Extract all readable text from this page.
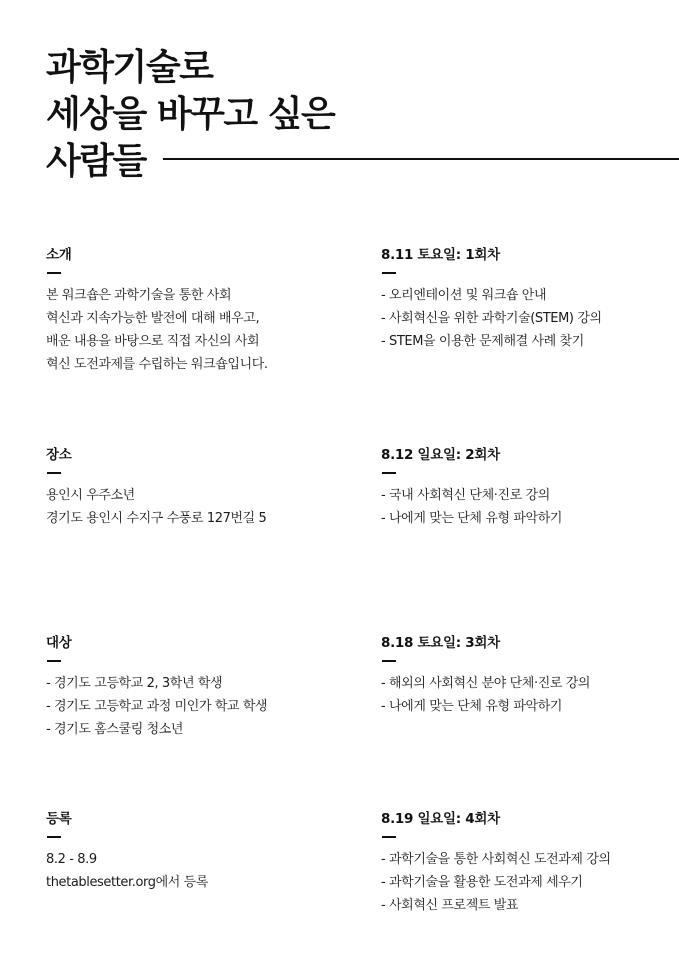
과학기술로
세상을 바꾸고 싶은
사람들
소개
본 워크숍은 과학기술을 통한 사회
혁신과 지속가능한 발전에 대해 배우고,
배운 내용을 바탕으로 직접 자신의 사회
혁신 도전과제를 수립하는 워크숍입니다.
장소
용인시 우주소년
경기도 용인시 수지구 수풍로 127번길 5
대상
- 경기도 고등학교 2, 3학년 학생
- 경기도 고등학교 과정 미인가 학교 학생
- 경기도 홈스쿨링 청소년
등록
8.2 - 8.9
thetablesetter.org에서 등록
8.11 토요일: 1회차
- 오리엔테이션 및 워크숍 안내
- 사회혁신을 위한 과학기술(STEM) 강의
- STEM을 이용한 문제해결 사례 찾기
8.12 일요일: 2회차
- 국내 사회혁신 단체·진로 강의
- 나에게 맞는 단체 유형 파악하기
8.18 토요일: 3회차
- 해외의 사회혁신 분야 단체·진로 강의
- 나에게 맞는 단체 유형 파악하기
8.19 일요일: 4회차
- 과학기술을 통한 사회혁신 도전과제 강의
- 과학기술을 활용한 도전과제 세우기
- 사회혁신 프로젝트 발표
